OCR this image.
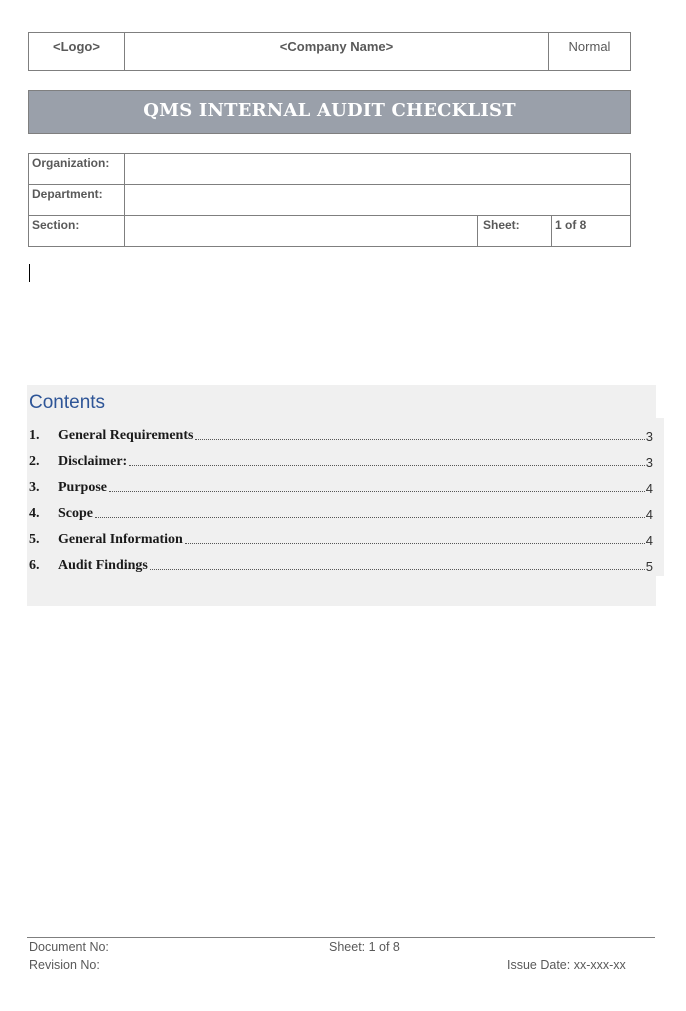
<Logo>	<Company Name>	Normal
QMS INTERNAL AUDIT CHECKLIST
Organization:
Department:
Section:	Sheet:	1 of 8
Contents
1.	General Requirements	3
2.	Disclaimer:	3
3.	Purpose	4
4.	Scope	4
5.	General Information	4
6.	Audit Findings	5
Document No:	Sheet: 1 of 8
Revision No:	Issue Date: xx-xxx-xx
